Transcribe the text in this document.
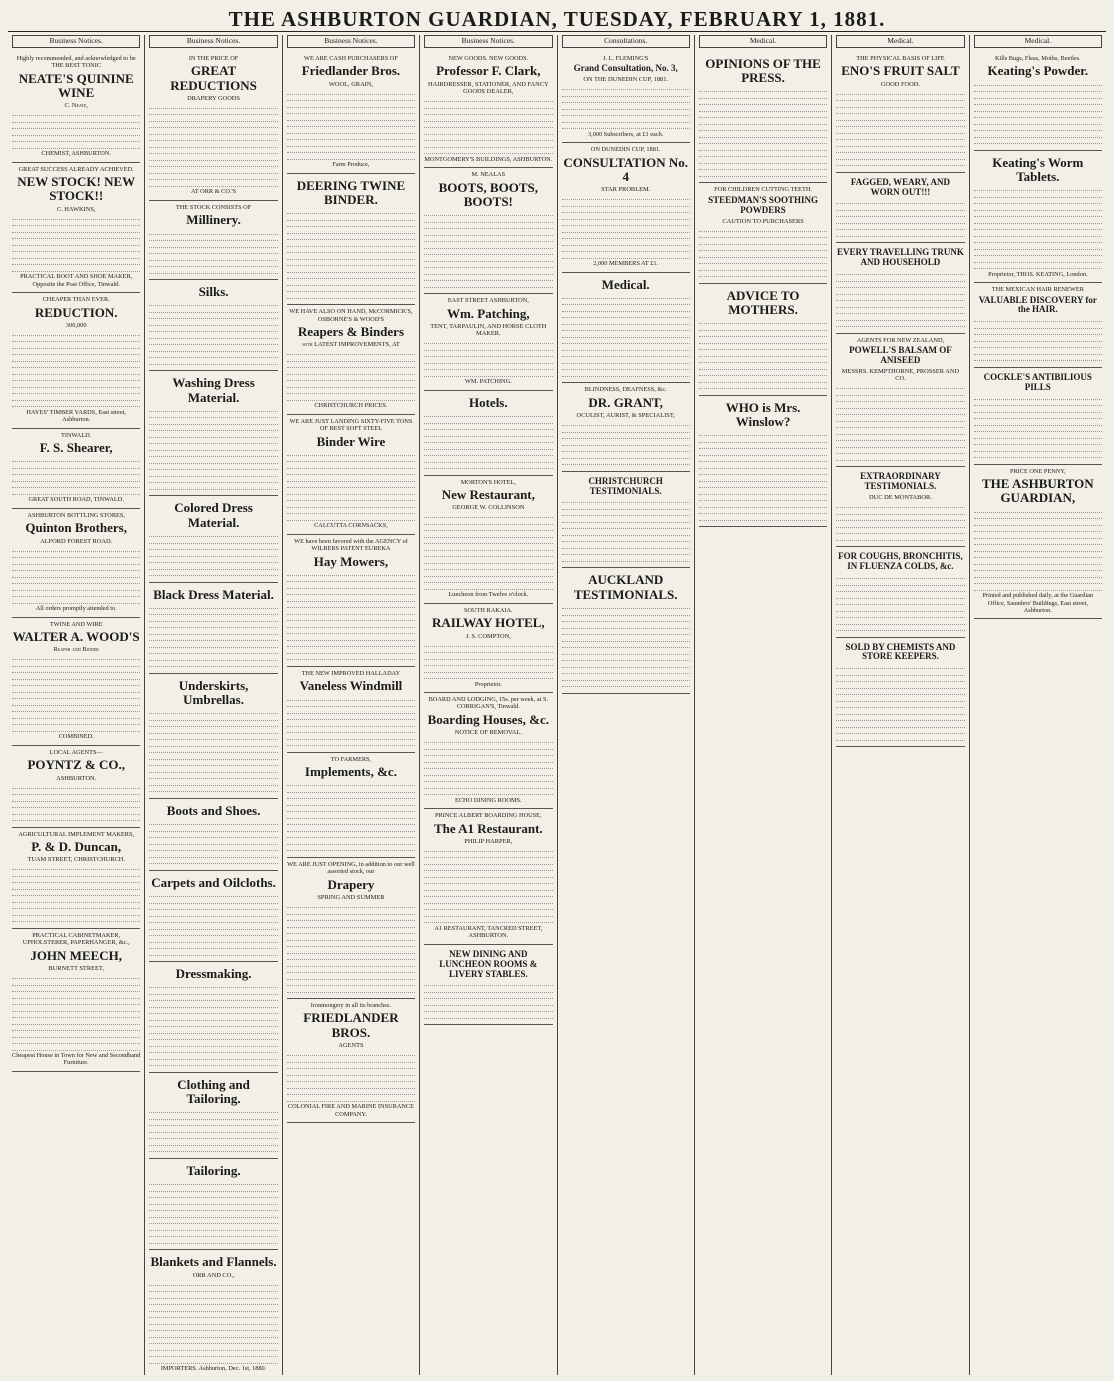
THE ASHBURTON GUARDIAN, TUESDAY, FEBRUARY 1, 1881.
Business Notices.
Highly recommended, and acknowledged to be THE BEST TONIC
NEATE'S QUININE WINE
C. Neate,
CHEMIST, ASHBURTON.
GREAT SUCCESS ALREADY ACHIEVED.
NEW STOCK! NEW STOCK!!
C. HAWKINS,
PRACTICAL BOOT AND SHOE MAKER, Opposite the Post Office, Tinwald.
CHEAPER THAN EVER.
REDUCTION.
300,000
HAYES' TIMBER YARDS, East street, Ashburton.
TINWALD.
F. S. Shearer,
GREAT SOUTH ROAD, TINWALD.
ASHBURTON BOTTLING STORES,
Quinton Brothers,
ALFORD FOREST ROAD.
All orders promptly attended to.
TWINE AND WIRE
WALTER A. WOOD'S
Reaper and Binder
COMBINED.
LOCAL AGENTS—
POYNTZ & CO.,
ASHBURTON.
AGRICULTURAL IMPLEMENT MAKERS,
P. & D. Duncan,
TUAM STREET, CHRISTCHURCH.
PRACTICAL CABINETMAKER, UPHOLSTERER, PAPERHANGER, &c.,
JOHN MEECH,
BURNETT STREET,
Cheapest House in Town for New and Secondhand Furniture.
Business Notices.
IN THE PRICE OF
GREAT REDUCTIONS
DRAPERY GOODS
AT ORR & CO.'S
THE STOCK CONSISTS OF
Millinery.
Silks.
Washing Dress Material.
Colored Dress Material.
Black Dress Material.
Underskirts, Umbrellas.
Boots and Shoes.
Carpets and Oilcloths.
Dressmaking.
Clothing and Tailoring.
Tailoring.
Blankets and Flannels.
ORR AND CO.,
IMPORTERS. Ashburton, Dec. 1st, 1880.
Business Notices.
WE ARE CASH PURCHASERS OF
Friedlander Bros.
WOOL, GRAIN,
Farm Produce,
DEERING TWINE BINDER.
WE HAVE ALSO ON HAND, McCORMICK'S, OSBORNE'S & WOOD'S
Reapers & Binders
with LATEST IMPROVEMENTS, AT
CHRISTCHURCH PRICES.
WE ARE JUST LANDING SIXTY-FIVE TONS OF BEST SOFT STEEL
Binder Wire
CALCUTTA CORNSACKS,
WE have been favored with the AGENCY of WILBERS PATENT EUREKA
Hay Mowers,
THE NEW IMPROVED HALLADAY
Vaneless Windmill
TO FARMERS,
Implements, &c.
WE ARE JUST OPENING, in addition to our well assorted stock, our
Drapery
SPRING AND SUMMER
Ironmongery in all its branches.
FRIEDLANDER BROS.
AGENTS
COLONIAL FIRE AND MARINE INSURANCE COMPANY.
Business Notices.
NEW GOODS. NEW GOODS.
Professor F. Clark,
HAIRDRESSER, STATIONER, AND FANCY GOODS DEALER,
MONTGOMERY'S BUILDINGS, ASHBURTON.
M. NEALAS
BOOTS, BOOTS, BOOTS!
EAST STREET ASHBURTON,
Wm. Patching,
TENT, TARPAULIN, AND HORSE CLOTH MAKER.
WM. PATCHING.
Hotels.
MORTON'S HOTEL,
New Restaurant,
GEORGE W. COLLINSON
Luncheon from Twelve o'clock.
SOUTH RAKAIA.
RAILWAY HOTEL,
J. S. COMPTON,
Proprietor.
BOARD AND LODGING, 15s. per week, at S. CORRIGAN'S, Tinwald.
Boarding Houses, &c.
NOTICE OF REMOVAL.
ECHO DINING ROOMS.
PRINCE ALBERT BOARDING HOUSE,
The A1 Restaurant.
PHILIP HARPER,
A1 RESTAURANT, TANCRED STREET, ASHBURTON.
NEW DINING AND LUNCHEON ROOMS & LIVERY STABLES.
Consultations.
J. L. FLEMING'S
Grand Consultation, No. 3,
ON THE DUNEDIN CUP, 1881.
3,000 Subscribers, at £1 each.
ON DUNEDIN CUP, 1881.
CONSULTATION No. 4
STAR PROBLEM.
2,000 MEMBERS AT £1.
Medical.
BLINDNESS, DEAFNESS, &c.
DR. GRANT,
OCULIST, AURIST, & SPECIALIST,
CHRISTCHURCH TESTIMONIALS.
AUCKLAND TESTIMONIALS.
Medical.
OPINIONS OF THE PRESS.
FOR CHILDREN CUTTING TEETH.
STEEDMAN'S SOOTHING POWDERS
CAUTION TO PURCHASERS
ADVICE TO MOTHERS.
WHO is Mrs. Winslow?
Medical.
THE PHYSICAL BASIS OF LIFE
ENO'S FRUIT SALT
GOOD FOOD.
FAGGED, WEARY, AND WORN OUT!!!
EVERY TRAVELLING TRUNK AND HOUSEHOLD
AGENTS FOR NEW ZEALAND,
POWELL'S BALSAM OF ANISEED
MESSRS. KEMPTHORNE, PROSSER AND CO.
EXTRAORDINARY TESTIMONIALS.
DUC DE MONTABOR.
FOR COUGHS, BRONCHITIS, IN FLUENZA COLDS, &c.
SOLD BY CHEMISTS AND STORE KEEPERS.
Medical.
Kills Bugs, Fleas, Moths, Beetles.
Keating's Powder.
Keating's Worm Tablets.
Proprietor, THOS. KEATING, London.
THE MEXICAN HAIR RENEWER
VALUABLE DISCOVERY for the HAIR.
COCKLE'S ANTIBILIOUS PILLS
PRICE ONE PENNY,
THE ASHBURTON GUARDIAN,
Printed and published daily, at the Guardian Office, Saunders' Buildings, East street, Ashburton.
